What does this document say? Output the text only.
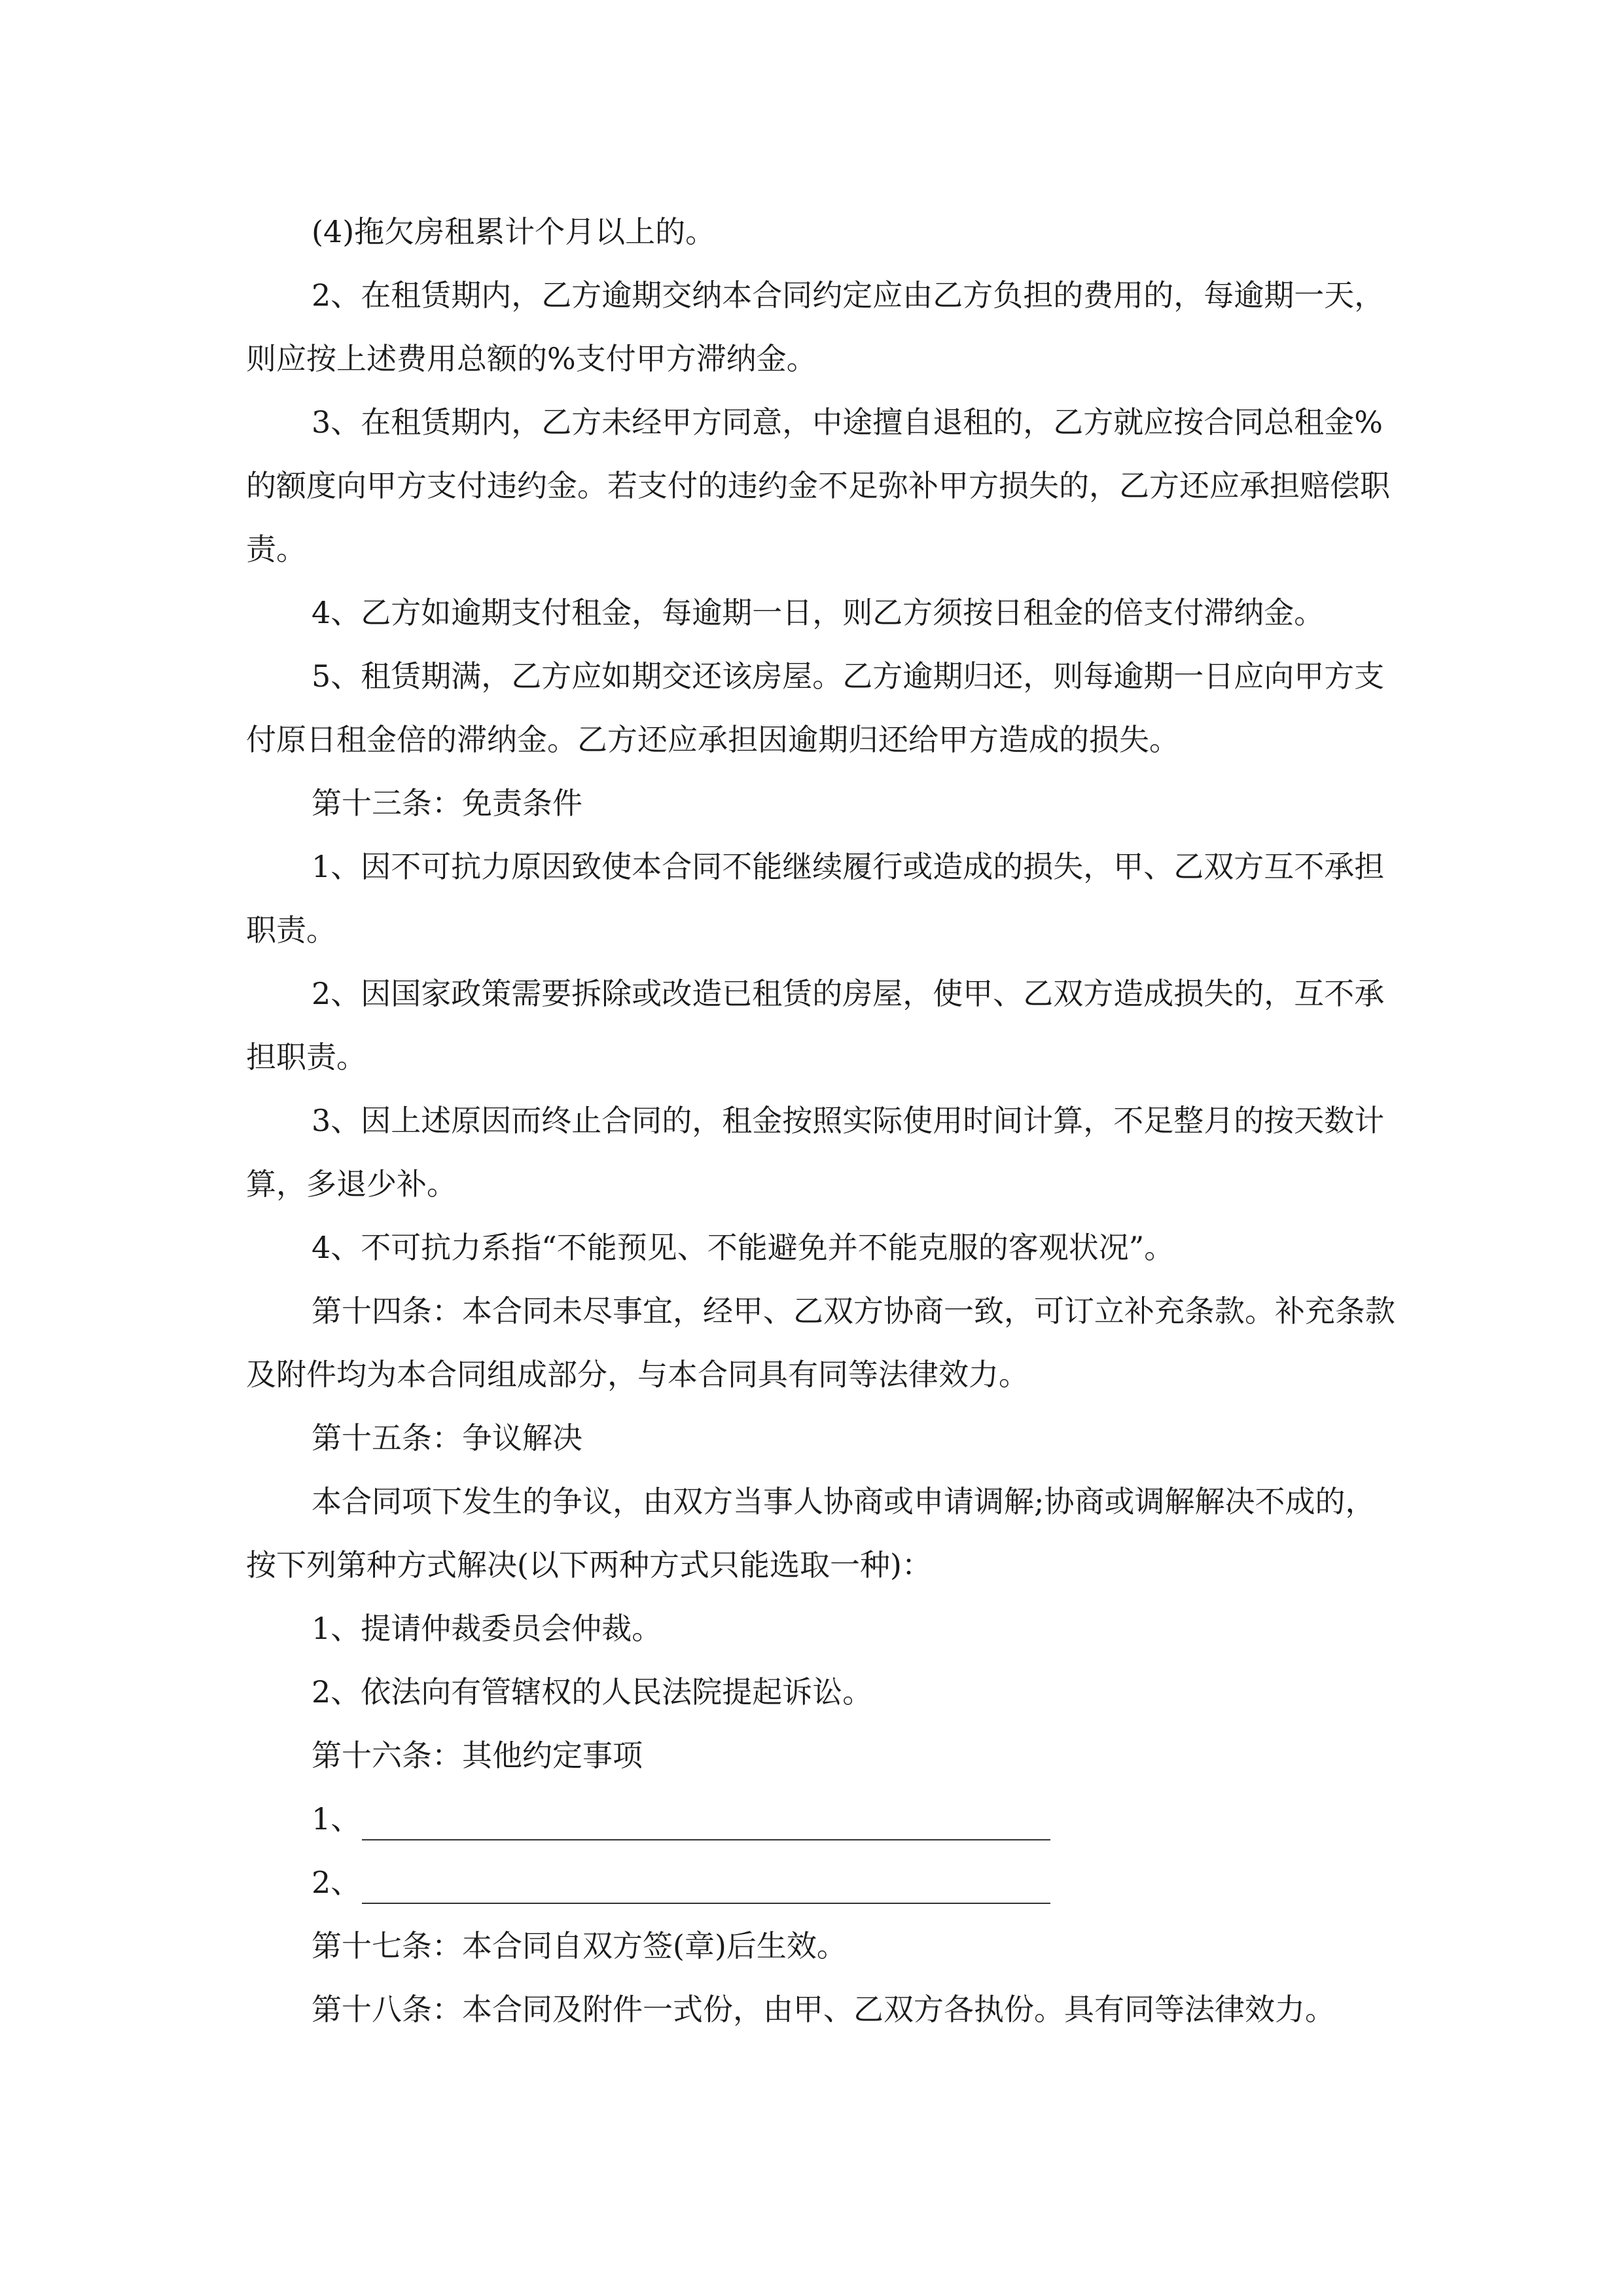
(4)拖欠房租累计个月以上的。

2、在租赁期内，乙方逾期交纳本合同约定应由乙方负担的费用的，每逾期一天，则应按上述费用总额的%支付甲方滞纳金。

3、在租赁期内，乙方未经甲方同意，中途擅自退租的，乙方就应按合同总租金%的额度向甲方支付违约金。若支付的违约金不足弥补甲方损失的，乙方还应承担赔偿职责。

4、乙方如逾期支付租金，每逾期一日，则乙方须按日租金的倍支付滞纳金。

5、租赁期满，乙方应如期交还该房屋。乙方逾期归还，则每逾期一日应向甲方支付原日租金倍的滞纳金。乙方还应承担因逾期归还给甲方造成的损失。

第十三条：免责条件

1、因不可抗力原因致使本合同不能继续履行或造成的损失，甲、乙双方互不承担职责。

2、因国家政策需要拆除或改造已租赁的房屋，使甲、乙双方造成损失的，互不承担职责。

3、因上述原因而终止合同的，租金按照实际使用时间计算，不足整月的按天数计算，多退少补。

4、不可抗力系指“不能预见、不能避免并不能克服的客观状况”。

第十四条：本合同未尽事宜，经甲、乙双方协商一致，可订立补充条款。补充条款及附件均为本合同组成部分，与本合同具有同等法律效力。

第十五条：争议解决

本合同项下发生的争议，由双方当事人协商或申请调解;协商或调解解决不成的，按下列第种方式解决(以下两种方式只能选取一种)：

1、提请仲裁委员会仲裁。

2、依法向有管辖权的人民法院提起诉讼。

第十六条：其他约定事项

1、
2、

第十七条：本合同自双方签(章)后生效。

第十八条：本合同及附件一式份，由甲、乙双方各执份。具有同等法律效力。
